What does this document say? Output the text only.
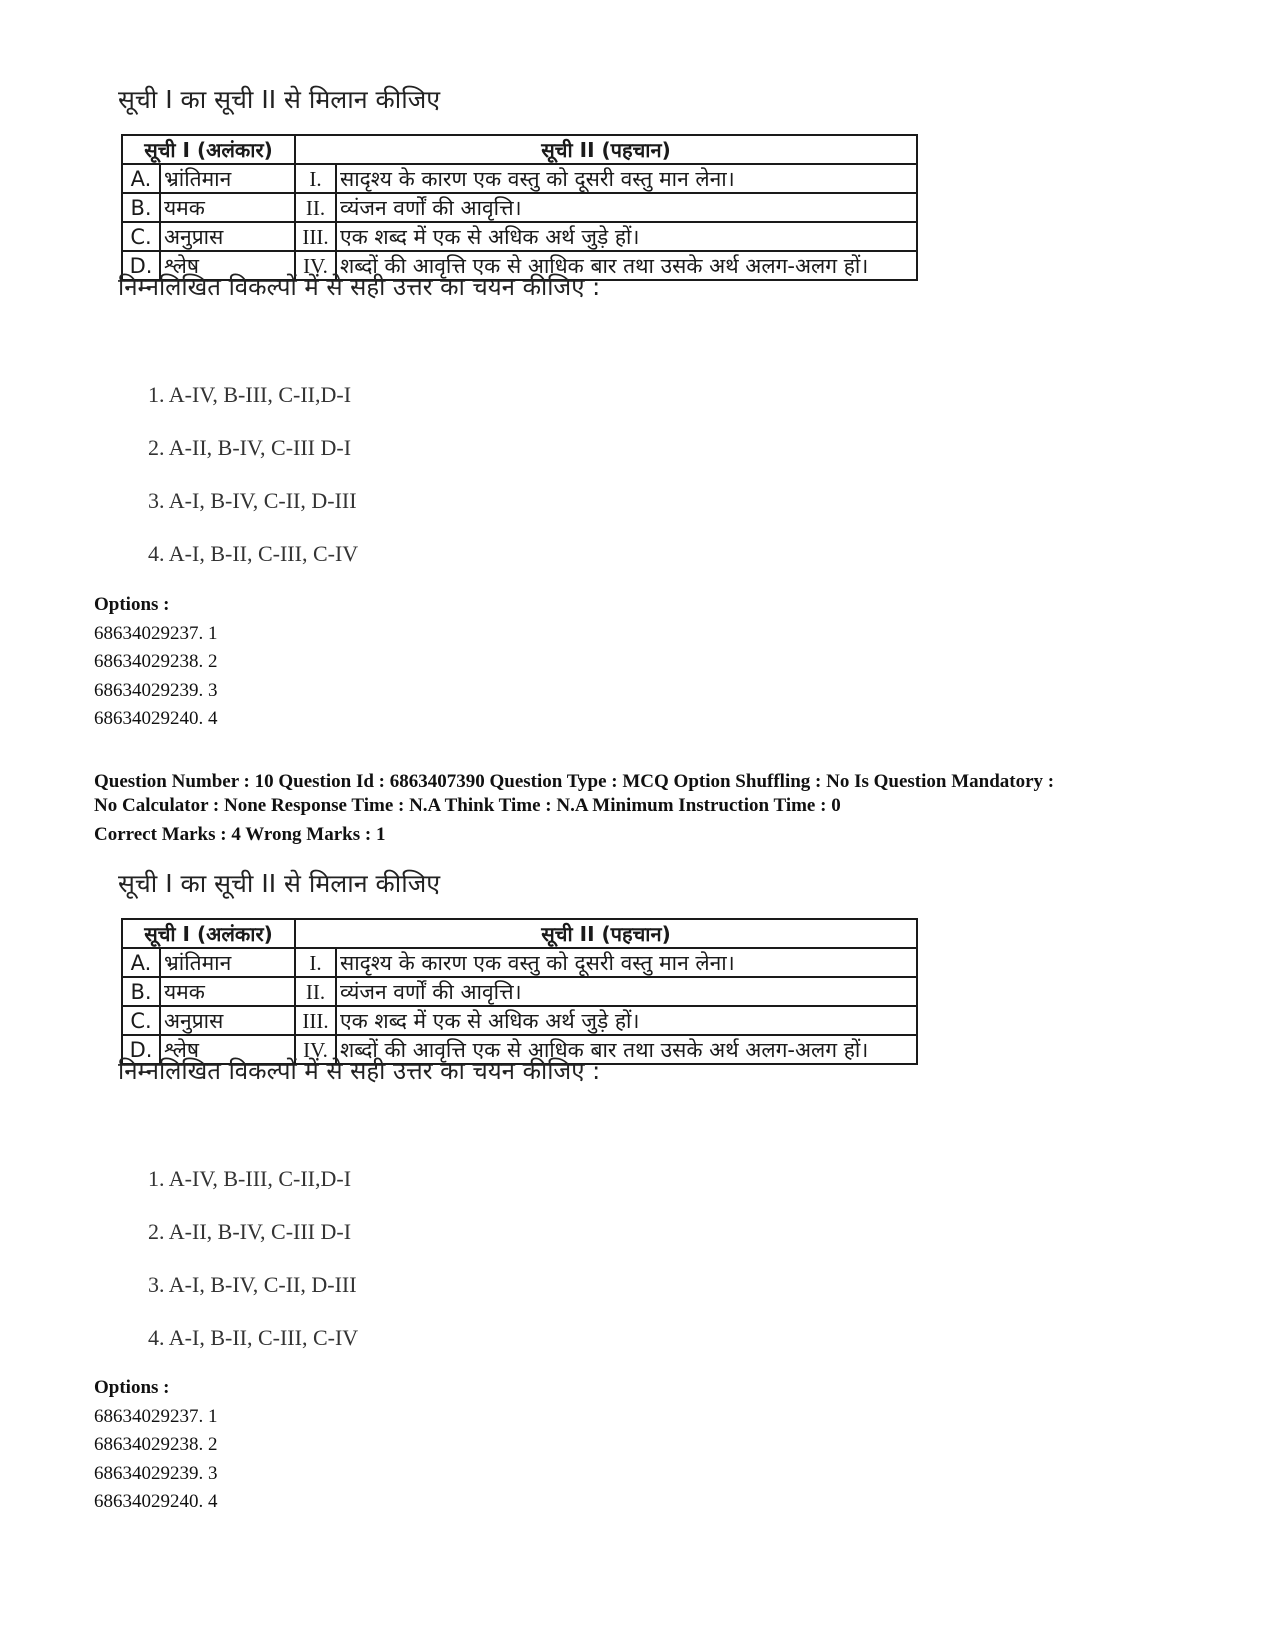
सूची I का सूची II से मिलान कीजिए
सूची I (अलंकार)		सूची II (पहचान)	
A.	भ्रांतिमान	I.	सादृश्य के कारण एक वस्तु को दूसरी वस्तु मान लेना।
B.	यमक	II.	व्यंजन वर्णों की आवृत्ति।
C.	अनुप्रास	III.	एक शब्द में एक से अधिक अर्थ जुड़े हों।
D.	श्लेष	IV.	शब्दों की आवृत्ति एक से आधिक बार तथा उसके अर्थ अलग-अलग हों।
निम्नलिखित विकल्पों में से सही उत्तर का चयन कीजिए :
1. A-IV, B-III, C-II,D-I
2. A-II, B-IV, C-III D-I
3. A-I, B-IV, C-II, D-III
4. A-I, B-II, C-III, C-IV
Options :
68634029237. 1
68634029238. 2
68634029239. 3
68634029240. 4
Question Number : 10 Question Id : 6863407390 Question Type : MCQ Option Shuffling : No Is Question Mandatory :
No Calculator : None Response Time : N.A Think Time : N.A Minimum Instruction Time : 0
Correct Marks : 4 Wrong Marks : 1
सूची I का सूची II से मिलान कीजिए
सूची I (अलंकार)		सूची II (पहचान)	
A.	भ्रांतिमान	I.	सादृश्य के कारण एक वस्तु को दूसरी वस्तु मान लेना।
B.	यमक	II.	व्यंजन वर्णों की आवृत्ति।
C.	अनुप्रास	III.	एक शब्द में एक से अधिक अर्थ जुड़े हों।
D.	श्लेष	IV.	शब्दों की आवृत्ति एक से आधिक बार तथा उसके अर्थ अलग-अलग हों।
निम्नलिखित विकल्पों में से सही उत्तर का चयन कीजिए :
1. A-IV, B-III, C-II,D-I
2. A-II, B-IV, C-III D-I
3. A-I, B-IV, C-II, D-III
4. A-I, B-II, C-III, C-IV
Options :
68634029237. 1
68634029238. 2
68634029239. 3
68634029240. 4
